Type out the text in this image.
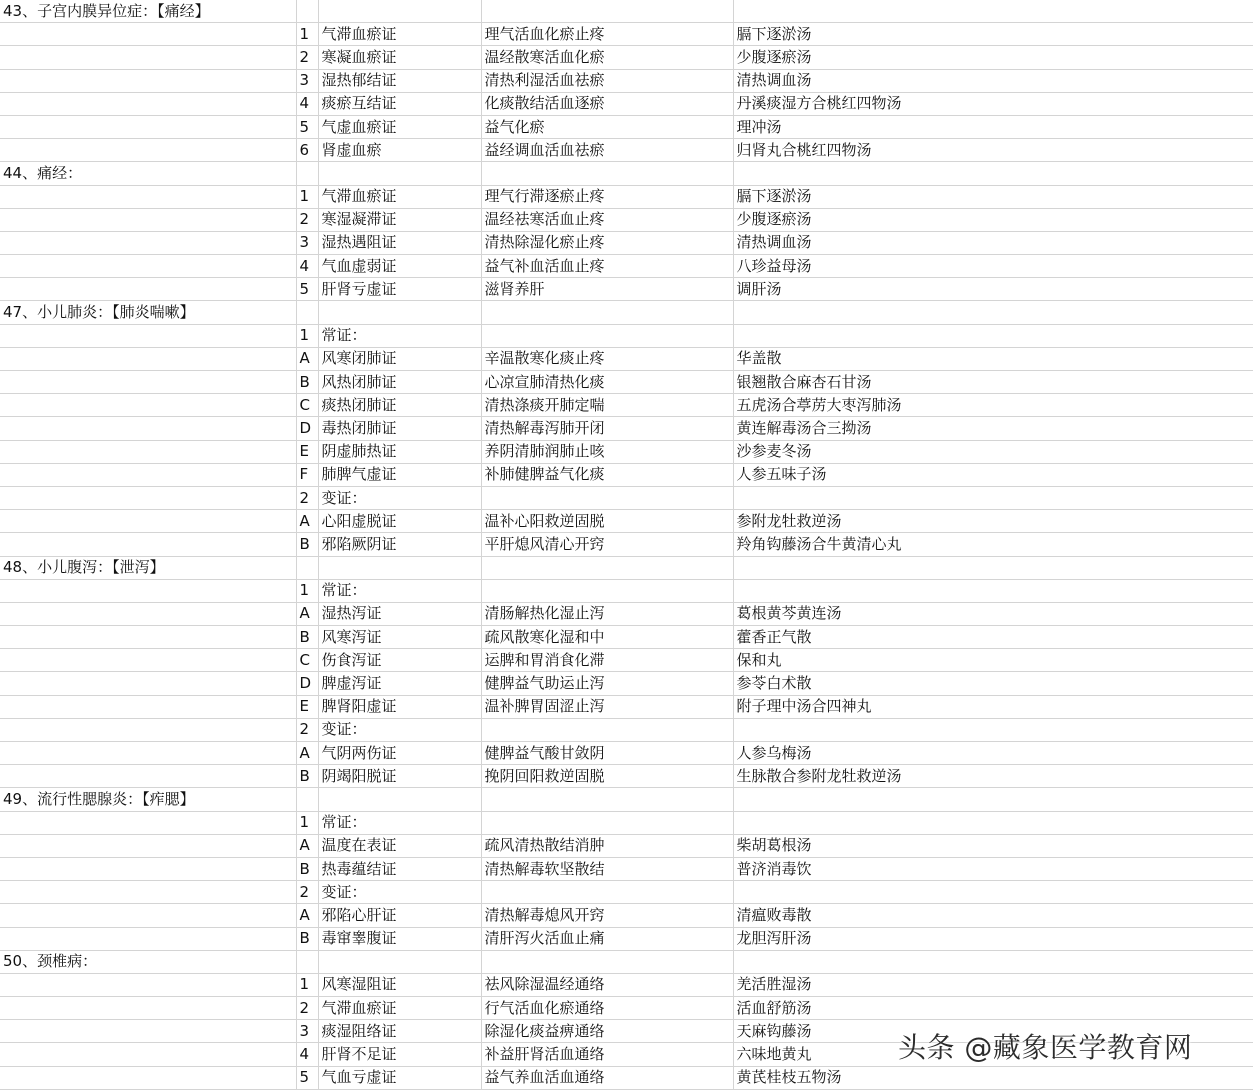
43、子宫内膜异位症：【痛经】				
	1	气滞血瘀证	理气活血化瘀止疼	膈下逐淤汤
	2	寒凝血瘀证	温经散寒活血化瘀	少腹逐瘀汤
	3	湿热郁结证	清热利湿活血祛瘀	清热调血汤
	4	痰瘀互结证	化痰散结活血逐瘀	丹溪痰湿方合桃红四物汤
	5	气虚血瘀证	益气化瘀	理冲汤
	6	肾虚血瘀	益经调血活血祛瘀	归肾丸合桃红四物汤
44、痛经：				
	1	气滞血瘀证	理气行滞逐瘀止疼	膈下逐淤汤
	2	寒湿凝滞证	温经祛寒活血止疼	少腹逐瘀汤
	3	湿热遇阻证	清热除湿化瘀止疼	清热调血汤
	4	气血虚弱证	益气补血活血止疼	八珍益母汤
	5	肝肾亏虚证	滋肾养肝	调肝汤
47、小儿肺炎：【肺炎喘嗽】				
	1	常证：		
	A	风寒闭肺证	辛温散寒化痰止疼	华盖散
	B	风热闭肺证	心凉宣肺清热化痰	银翘散合麻杏石甘汤
	C	痰热闭肺证	清热涤痰开肺定喘	五虎汤合葶苈大枣泻肺汤
	D	毒热闭肺证	清热解毒泻肺开闭	黄连解毒汤合三拗汤
	E	阴虚肺热证	养阴清肺润肺止咳	沙参麦冬汤
	F	肺脾气虚证	补肺健脾益气化痰	人参五味子汤
	2	变证：		
	A	心阳虚脱证	温补心阳救逆固脱	参附龙牡救逆汤
	B	邪陷厥阴证	平肝熄风清心开窍	羚角钩藤汤合牛黄清心丸
48、小儿腹泻：【泄泻】				
	1	常证：		
	A	湿热泻证	清肠解热化湿止泻	葛根黄芩黄连汤
	B	风寒泻证	疏风散寒化湿和中	藿香正气散
	C	伤食泻证	运脾和胃消食化滞	保和丸
	D	脾虚泻证	健脾益气助运止泻	参苓白术散
	E	脾肾阳虚证	温补脾胃固涩止泻	附子理中汤合四神丸
	2	变证：		
	A	气阴两伤证	健脾益气酸甘敛阴	人参乌梅汤
	B	阴竭阳脱证	挽阴回阳救逆固脱	生脉散合参附龙牡救逆汤
49、流行性腮腺炎：【痄腮】				
	1	常证：		
	A	温度在表证	疏风清热散结消肿	柴胡葛根汤
	B	热毒蕴结证	清热解毒软坚散结	普济消毒饮
	2	变证：		
	A	邪陷心肝证	清热解毒熄风开窍	清瘟败毒散
	B	毒窜睾腹证	清肝泻火活血止痛	龙胆泻肝汤
50、颈椎病：				
	1	风寒湿阻证	祛风除湿温经通络	羌活胜湿汤
	2	气滞血瘀证	行气活血化瘀通络	活血舒筋汤
	3	痰湿阻络证	除湿化痰益痹通络	天麻钩藤汤
	4	肝肾不足证	补益肝肾活血通络	六味地黄丸
	5	气血亏虚证	益气养血活血通络	黄芪桂枝五物汤
头条 @藏象医学教育网
